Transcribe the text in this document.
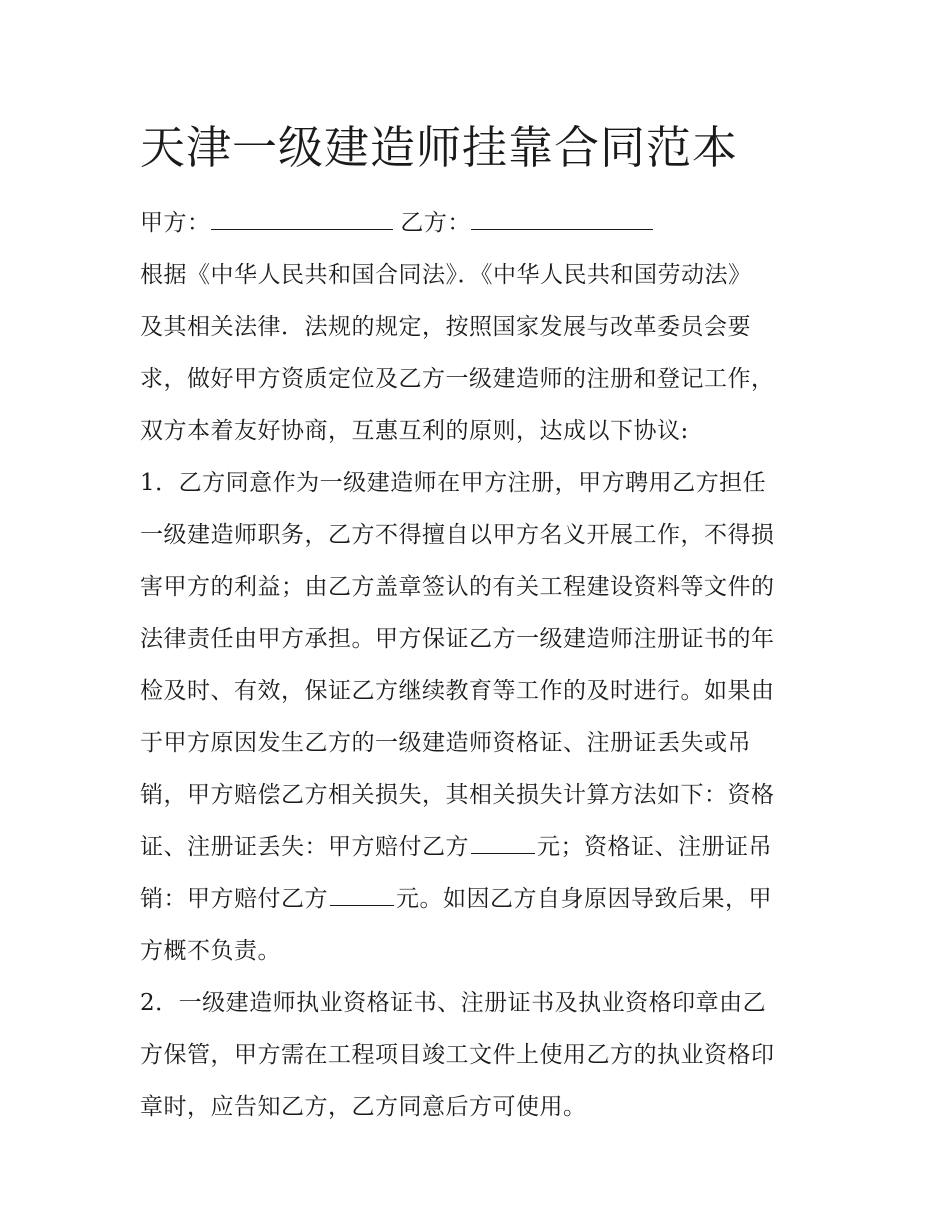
天津一级建造师挂靠合同范本
甲方：	乙方：
根据《中华人民共和国合同法》．《中华人民共和国劳动法》
及其相关法律．法规的规定，按照国家发展与改革委员会要
求，做好甲方资质定位及乙方一级建造师的注册和登记工作，
双方本着友好协商，互惠互利的原则，达成以下协议:
1．乙方同意作为一级建造师在甲方注册，甲方聘用乙方担任
一级建造师职务，乙方不得擅自以甲方名义开展工作，不得损
害甲方的利益；由乙方盖章签认的有关工程建设资料等文件的
法律责任由甲方承担。甲方保证乙方一级建造师注册证书的年
检及时、有效，保证乙方继续教育等工作的及时进行。如果由
于甲方原因发生乙方的一级建造师资格证、注册证丢失或吊
销，甲方赔偿乙方相关损失，其相关损失计算方法如下：资格
证、注册证丢失：甲方赔付乙方	元；资格证、注册证吊
销：甲方赔付乙方	元。如因乙方自身原因导致后果，甲
方概不负责。
2．一级建造师执业资格证书、注册证书及执业资格印章由乙
方保管，甲方需在工程项目竣工文件上使用乙方的执业资格印
章时，应告知乙方，乙方同意后方可使用。
